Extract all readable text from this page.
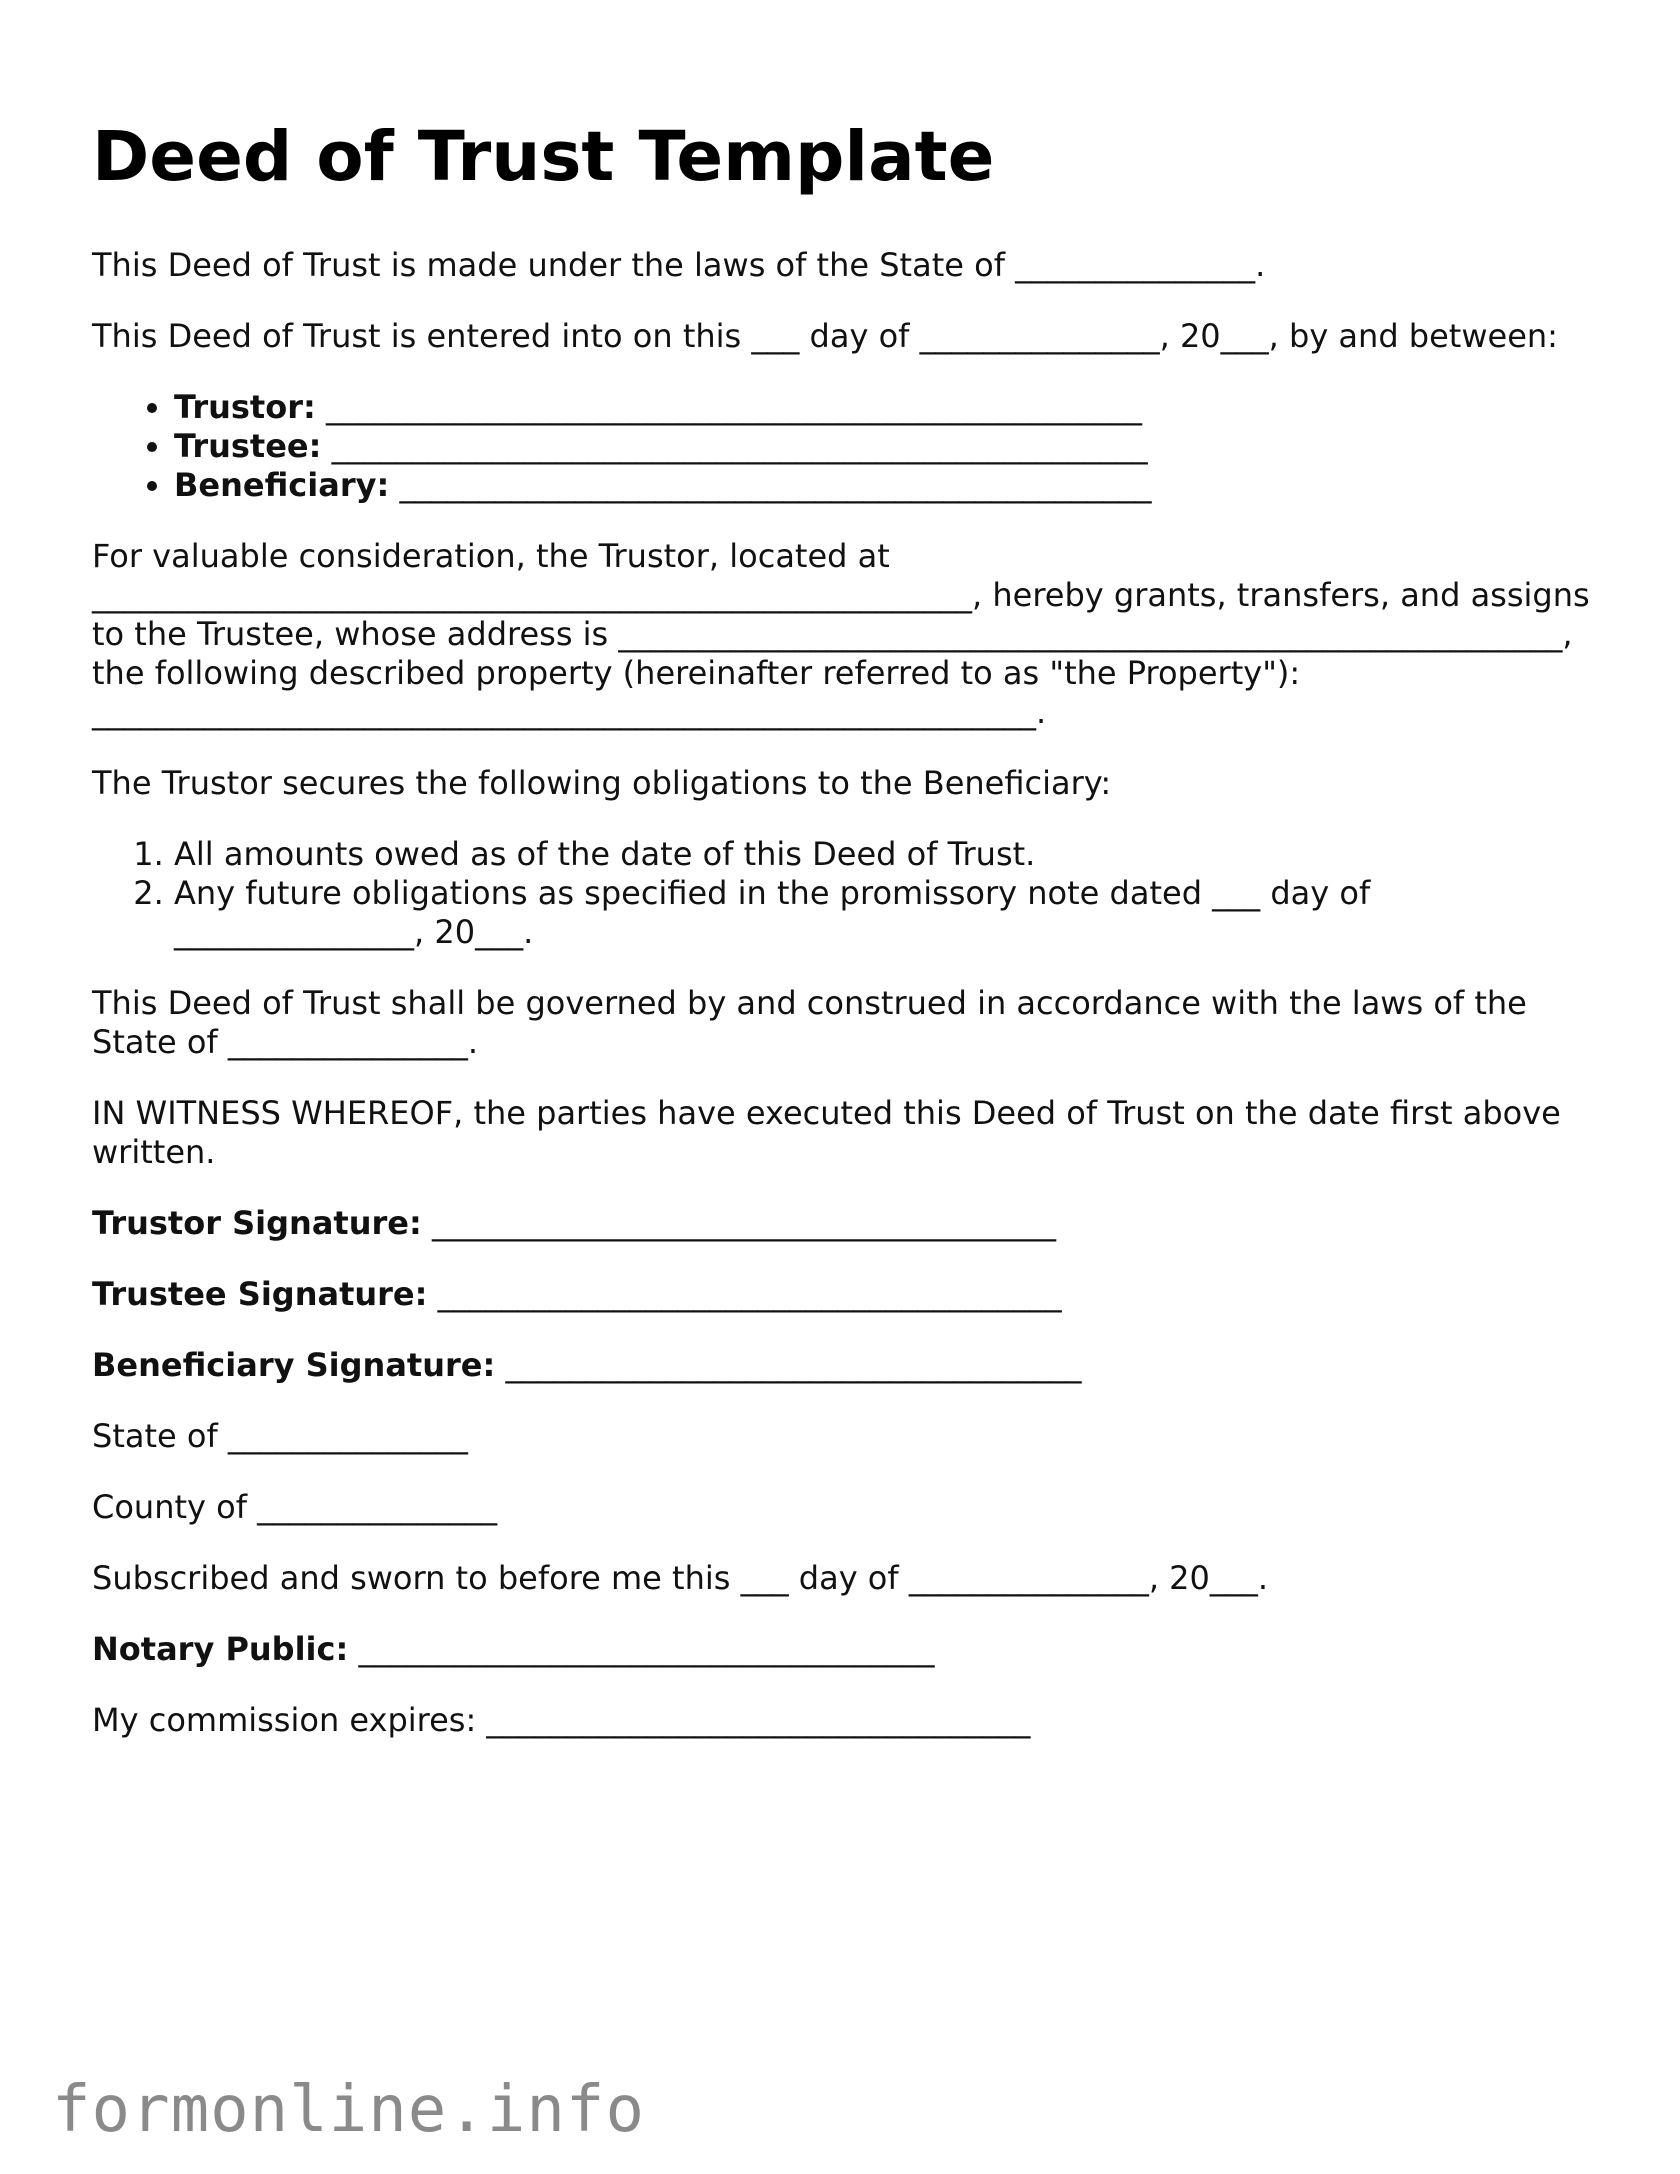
Deed of Trust Template

This Deed of Trust is made under the laws of the State of _______________.

This Deed of Trust is entered into on this ___ day of _______________, 20___, by and between:

• Trustor: ___________________________________________________
• Trustee: ___________________________________________________
• Beneficiary: _______________________________________________

For valuable consideration, the Trustor, located at _______________________________________________________, hereby grants, transfers, and assigns to the Trustee, whose address is ___________________________________________________________, the following described property (hereinafter referred to as "the Property"): ___________________________________________________________.

The Trustor secures the following obligations to the Beneficiary:

1. All amounts owed as of the date of this Deed of Trust.
2. Any future obligations as specified in the promissory note dated ___ day of _______________, 20___.

This Deed of Trust shall be governed by and construed in accordance with the laws of the State of _______________.

IN WITNESS WHEREOF, the parties have executed this Deed of Trust on the date first above written.

Trustor Signature: _______________________________________

Trustee Signature: _______________________________________

Beneficiary Signature: ____________________________________

State of _______________

County of _______________

Subscribed and sworn to before me this ___ day of _______________, 20___.

Notary Public: ____________________________________

My commission expires: __________________________________

formonline.info
